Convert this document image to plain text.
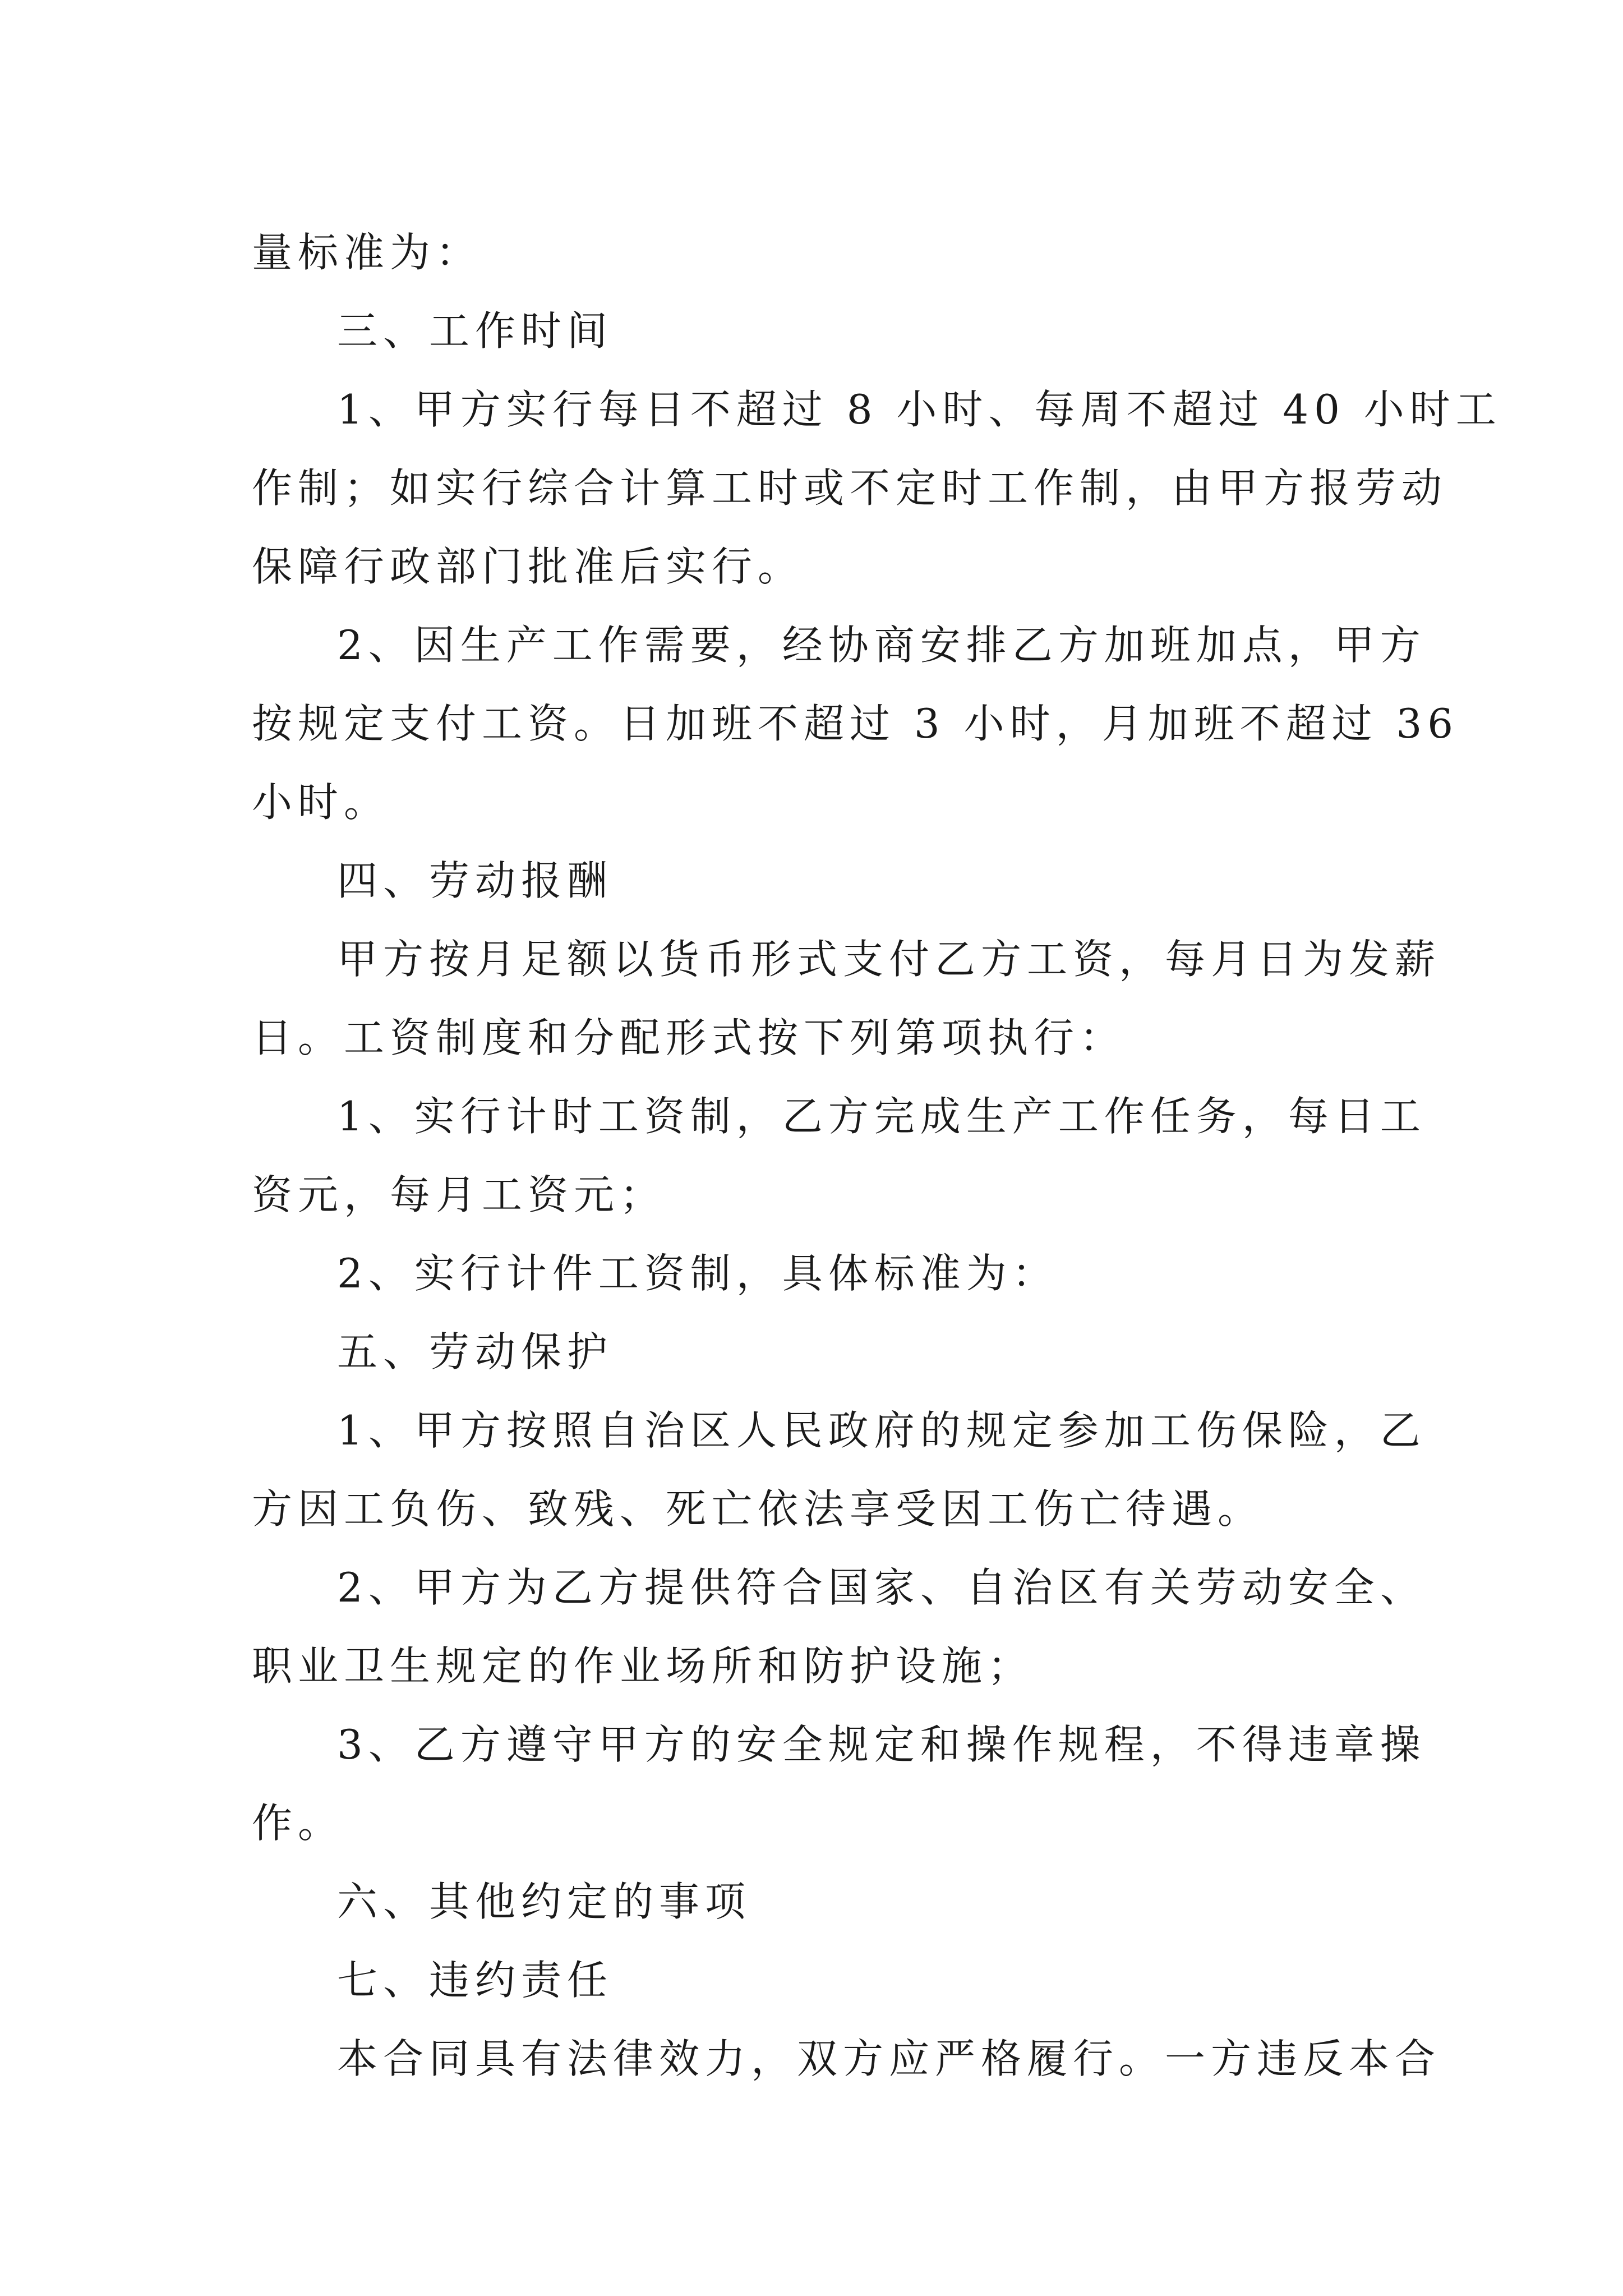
量标准为：
三、工作时间
1、甲方实行每日不超过 8 小时、每周不超过 40 小时工
作制；如实行综合计算工时或不定时工作制，由甲方报劳动
保障行政部门批准后实行。
2、因生产工作需要，经协商安排乙方加班加点，甲方
按规定支付工资。日加班不超过 3 小时，月加班不超过 36
小时。
四、劳动报酬
甲方按月足额以货币形式支付乙方工资，每月日为发薪
日。工资制度和分配形式按下列第项执行：
1、实行计时工资制，乙方完成生产工作任务，每日工
资元，每月工资元；
2、实行计件工资制，具体标准为：
五、劳动保护
1、甲方按照自治区人民政府的规定参加工伤保险，乙
方因工负伤、致残、死亡依法享受因工伤亡待遇。
2、甲方为乙方提供符合国家、自治区有关劳动安全、
职业卫生规定的作业场所和防护设施；
3、乙方遵守甲方的安全规定和操作规程，不得违章操
作。
六、其他约定的事项
七、违约责任
本合同具有法律效力，双方应严格履行。一方违反本合
